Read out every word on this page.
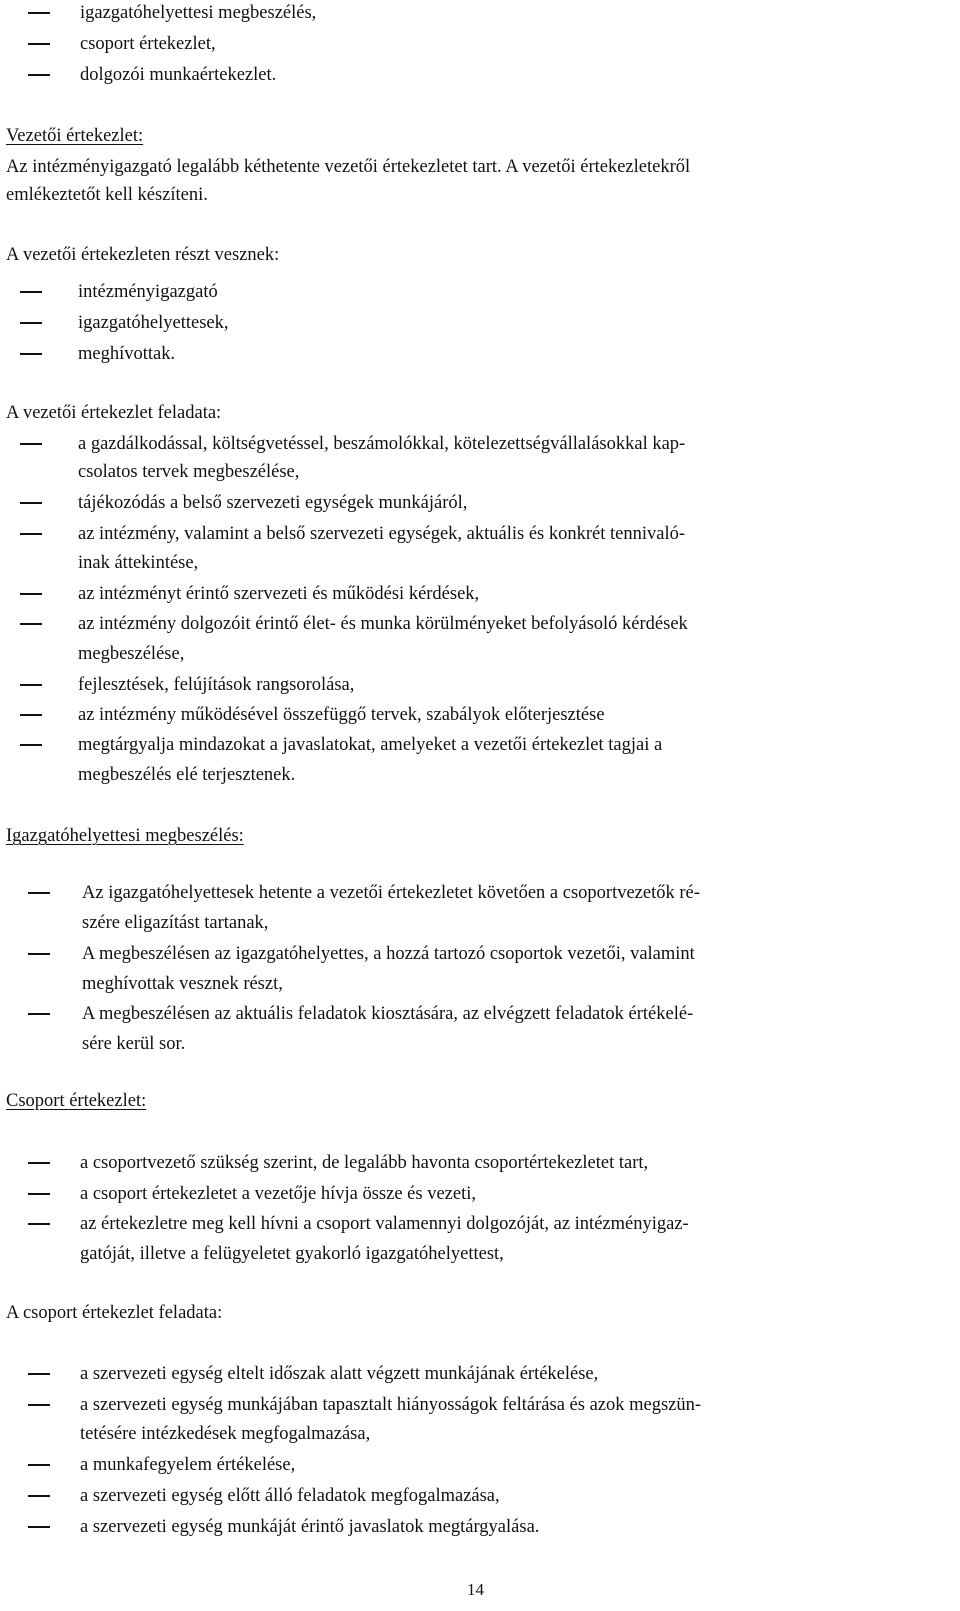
igazgatóhelyettesi megbeszélés,
csoport értekezlet,
dolgozói munkaértekezlet.
Vezetői értekezlet:
Az intézményigazgató legalább kéthetente vezetői értekezletet tart. A vezetői értekezletekről
emlékeztetőt kell készíteni.
A vezetői értekezleten részt vesznek:
intézményigazgató
igazgatóhelyettesek,
meghívottak.
A vezetői értekezlet feladata:
a gazdálkodással, költségvetéssel, beszámolókkal, kötelezettségvállalásokkal kap-
csolatos tervek megbeszélése,
tájékozódás a belső szervezeti egységek munkájáról,
az intézmény, valamint a belső szervezeti egységek, aktuális és konkrét tennivaló-
inak áttekintése,
az intézményt érintő szervezeti és működési kérdések,
az intézmény dolgozóit érintő élet- és munka körülményeket befolyásoló kérdések
megbeszélése,
fejlesztések, felújítások rangsorolása,
az intézmény működésével összefüggő tervek, szabályok előterjesztése
megtárgyalja mindazokat a javaslatokat, amelyeket a vezetői értekezlet tagjai a
megbeszélés elé terjesztenek.
Igazgatóhelyettesi megbeszélés:
Az igazgatóhelyettesek hetente a vezetői értekezletet követően a csoportvezetők ré-
szére eligazítást tartanak,
A megbeszélésen az igazgatóhelyettes, a hozzá tartozó csoportok vezetői, valamint
meghívottak vesznek részt,
A megbeszélésen az aktuális feladatok kiosztására, az elvégzett feladatok értékelé-
sére kerül sor.
Csoport értekezlet:
a csoportvezető szükség szerint, de legalább havonta csoportértekezletet tart,
a csoport értekezletet a vezetője hívja össze és vezeti,
az értekezletre meg kell hívni a csoport valamennyi dolgozóját, az intézményigaz-
gatóját, illetve a felügyeletet gyakorló igazgatóhelyettest,
A csoport értekezlet feladata:
a szervezeti egység eltelt időszak alatt végzett munkájának értékelése,
a szervezeti egység munkájában tapasztalt hiányosságok feltárása és azok megszün-
tetésére intézkedések megfogalmazása,
a munkafegyelem értékelése,
a szervezeti egység előtt álló feladatok megfogalmazása,
a szervezeti egység munkáját érintő javaslatok megtárgyalása.
14
